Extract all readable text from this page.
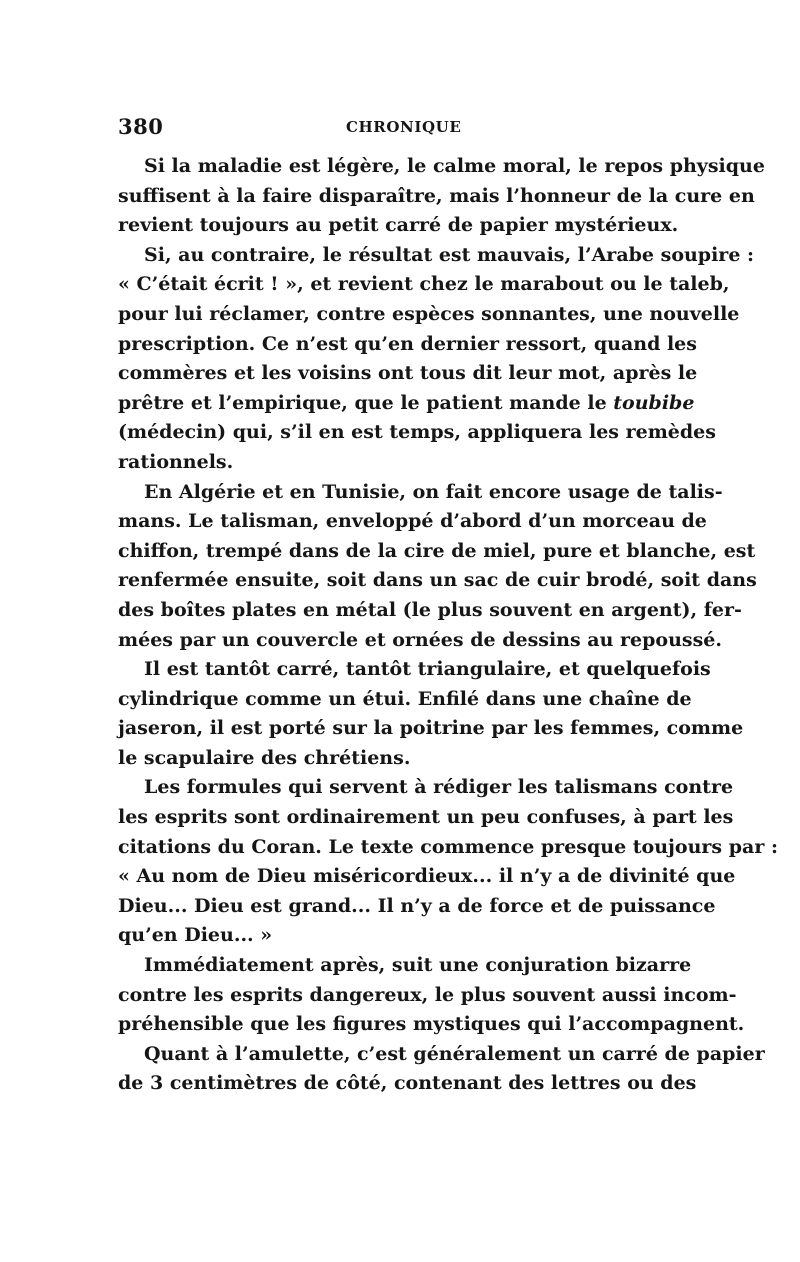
380	CHRONIQUE
Si la maladie est légère, le calme moral, le repos physique
suffisent à la faire disparaître, mais l’honneur de la cure en
revient toujours au petit carré de papier mystérieux.
Si, au contraire, le résultat est mauvais, l’Arabe soupire :
« C’était écrit ! », et revient chez le marabout ou le taleb,
pour lui réclamer, contre espèces sonnantes, une nouvelle
prescription. Ce n’est qu’en dernier ressort, quand les
commères et les voisins ont tous dit leur mot, après le
prêtre et l’empirique, que le patient mande le toubibe
(médecin) qui, s’il en est temps, appliquera les remèdes
rationnels.
En Algérie et en Tunisie, on fait encore usage de talis-
mans. Le talisman, enveloppé d’abord d’un morceau de
chiffon, trempé dans de la cire de miel, pure et blanche, est
renfermée ensuite, soit dans un sac de cuir brodé, soit dans
des boîtes plates en métal (le plus souvent en argent), fer-
mées par un couvercle et ornées de dessins au repoussé.
Il est tantôt carré, tantôt triangulaire, et quelquefois
cylindrique comme un étui. Enfilé dans une chaîne de
jaseron, il est porté sur la poitrine par les femmes, comme
le scapulaire des chrétiens.
Les formules qui servent à rédiger les talismans contre
les esprits sont ordinairement un peu confuses, à part les
citations du Coran. Le texte commence presque toujours par :
« Au nom de Dieu miséricordieux... il n’y a de divinité que
Dieu... Dieu est grand... Il n’y a de force et de puissance
qu’en Dieu... »
Immédiatement après, suit une conjuration bizarre
contre les esprits dangereux, le plus souvent aussi incom-
préhensible que les figures mystiques qui l’accompagnent.
Quant à l’amulette, c’est généralement un carré de papier
de 3 centimètres de côté, contenant des lettres ou des
